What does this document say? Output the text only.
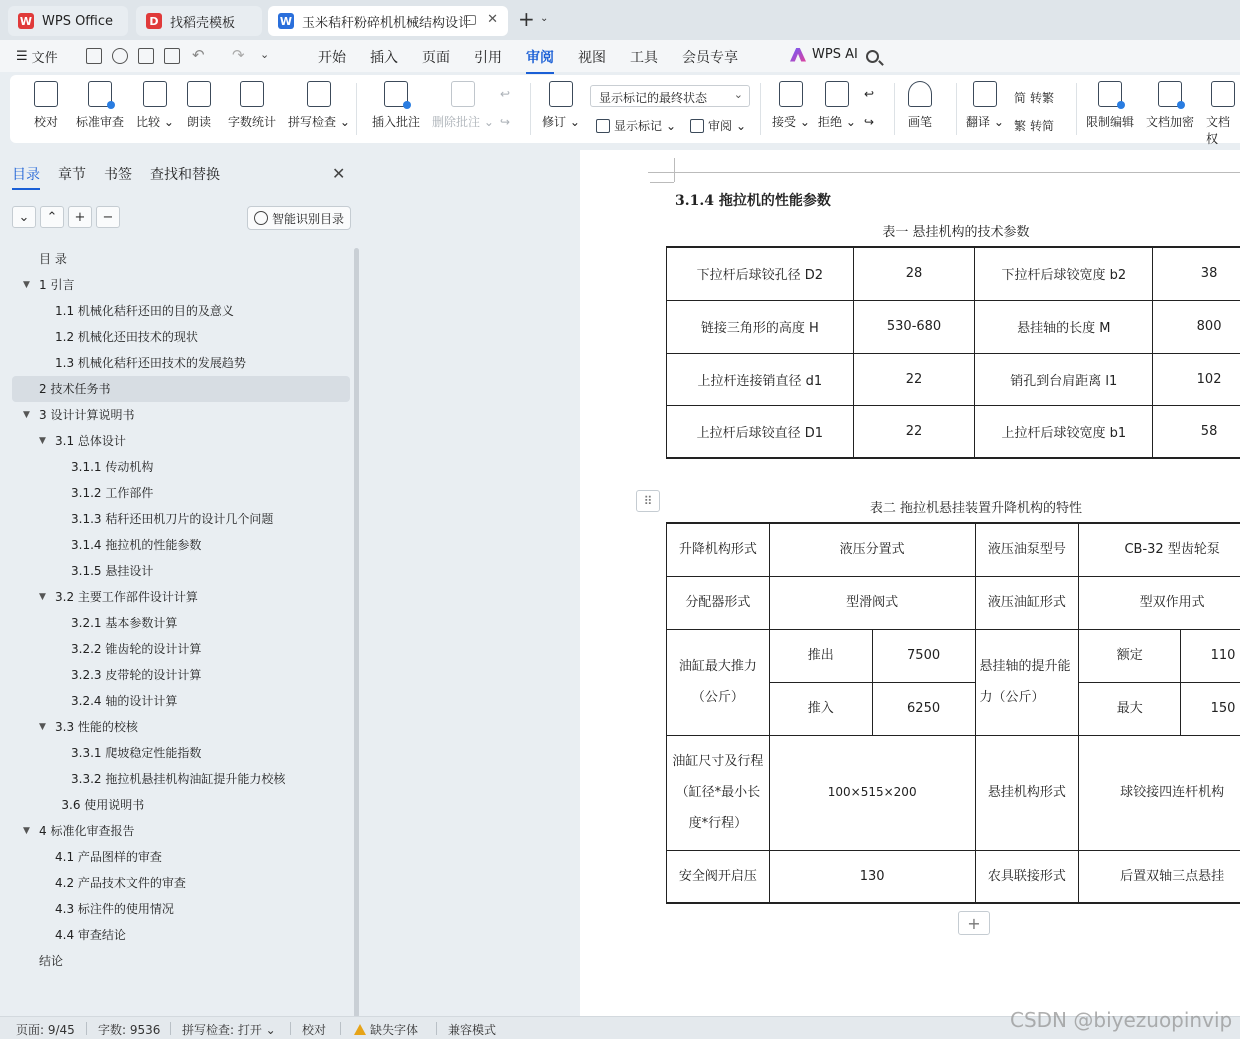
W WPS Office	D 找稻壳模板	W 玉米秸秆粉碎机机械结构设计 ✕ + ⌄
☰ 文件	↶ ↷ ⌄	开始	插入	页面	引用	审阅	视图	工具	会员专享	WPS AI
校对 标准审查 比较 ⌄ 朗读 字数统计 拼写检查 ⌄ 插入批注 删除批注 ⌄
↩
↪	修订 ⌄
显示标记的最终状态 ⌄
显示标记 ⌄	审阅 ⌄ 接受 ⌄ 拒绝 ⌄
↩
↪	画笔	翻译 ⌄
简 转繁
繁 转简	限制编辑 文档加密 文档权
目录 章节 书签 查找和替换	✕
⌄	⌃	+	−	智能识别目录
目 录
▼ 1 引言
1.1 机械化秸秆还田的目的及意义
1.2 机械化还田技术的现状
1.3 机械化秸秆还田技术的发展趋势
2 技术任务书
▼ 3 设计计算说明书
▼ 3.1 总体设计
3.1.1 传动机构
3.1.2 工作部件
3.1.3 秸秆还田机刀片的设计几个问题
3.1.4 拖拉机的性能参数
3.1.5 悬挂设计
▼ 3.2 主要工作部件设计计算
3.2.1 基本参数计算
3.2.2 锥齿轮的设计计算
3.2.3 皮带轮的设计计算
3.2.4 轴的设计计算
▼ 3.3 性能的校核
3.3.1 爬坡稳定性能指数
3.3.2 拖拉机悬挂机构油缸提升能力校核
3.6 使用说明书
▼ 4 标准化审查报告
4.1 产品图样的审查
4.2 产品技术文件的审查
4.3 标注件的使用情况
4.4 审查结论
结论
3.1.4 拖拉机的性能参数
表一 悬挂机构的技术参数
下拉杆后球铰孔径 D2	28	下拉杆后球铰宽度 b2	38
链接三角形的高度 H	530-680	悬挂轴的长度 M	800
上拉杆连接销直径 d1	22	销孔到台肩距离 l1	102
上拉杆后球铰直径 D1	22	上拉杆后球铰宽度 b1	58
⠿	表二 拖拉机悬挂装置升降机构的特性
升降机构形式	液压分置式		液压油泵型号	CB-32 型齿轮泵	
分配器形式	型滑阀式		液压油缸形式	型双作用式	
油缸最大推力（公斤）	推出	7500	悬挂轴的提升能力（公斤）	额定	110
	推入	6250		最大	150
油缸尺寸及行程（缸径*最小长度*行程）	100×515×200		悬挂机构形式	球铰接四连杆机构	
安全阀开启压	130		农具联接形式	后置双轴三点悬挂	
+
页面: 9/45 字数: 9536 拼写检查: 打开 ⌄ 校对	缺失字体 兼容模式	CSDN @biyezuopinvip
